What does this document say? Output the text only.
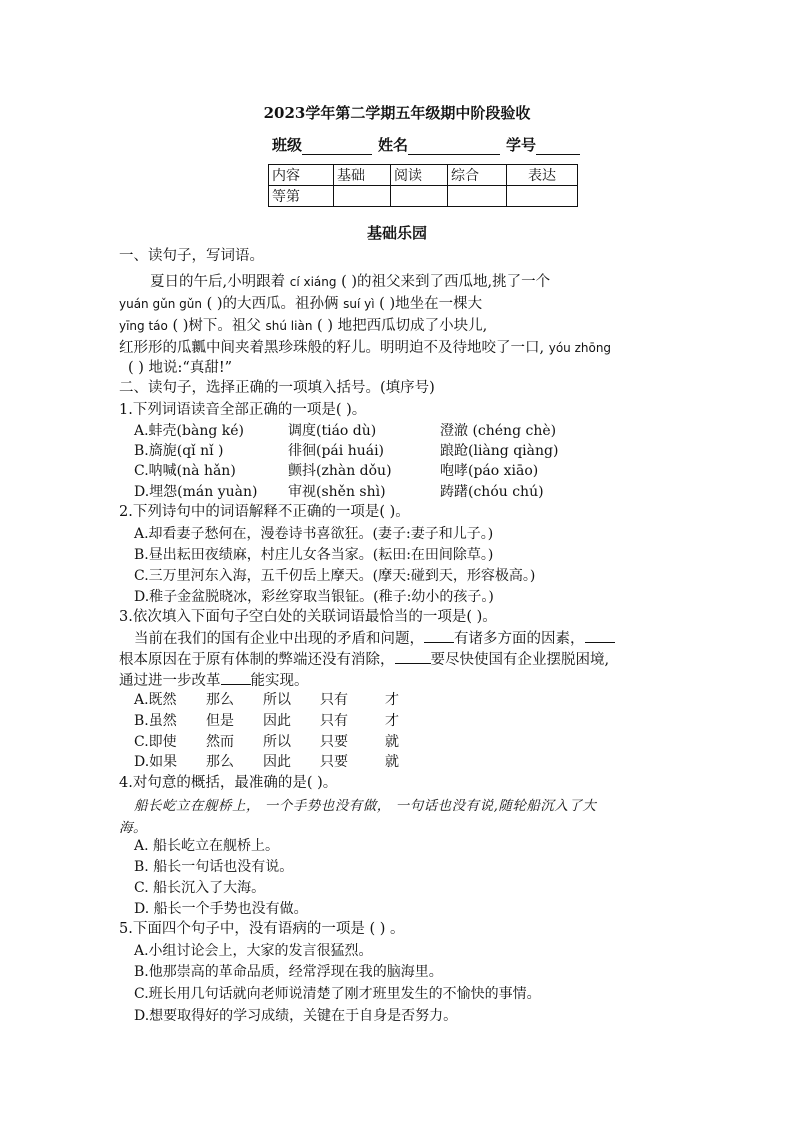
2023学年第二学期五年级期中阶段验收
班级	姓名	学号
内容	基础	阅读	综合	表达
等第				
基础乐园
一、读句子，写词语。
夏日的午后,小明跟着 cí xiáng ( )的祖父来到了西瓜地,挑了一个
yuán gǔn gǔn ( )的大西瓜。祖孙俩 suí yì ( )地坐在一棵大
yīng táo ( )树下。祖父 shú liàn ( ) 地把西瓜切成了小块儿,
红形形的瓜瓤中间夹着黑珍珠般的籽儿。明明迫不及待地咬了一口, yóu zhōng
( ) 地说:“真甜!”
二、读句子，选择正确的一项填入括号。(填序号)
1.下列词语读音全部正确的一项是( )。
A.蚌壳(bàng ké)	调度(tiáo dù)	澄澈 (chéng chè)
B.旖旎(qǐ nǐ )	徘徊(pái huái)	踉跄(liàng qiàng)
C.呐喊(nà hǎn)	颤抖(zhàn dǒu)	咆哮(páo xiāo)
D.埋怨(mán yuàn) 审视(shěn shì)	踌躇(chóu chú)
2.下列诗句中的词语解释不正确的一项是( )。
A.却看妻子愁何在，漫卷诗书喜欲狂。(妻子:妻子和儿子。)
B.昼出耘田夜绩麻，村庄儿女各当家。(耘田:在田间除草。)
C.三万里河东入海，五千仞岳上摩天。(摩天:碰到天，形容极高。)
D.稚子金盆脱晓冰，彩丝穿取当银钲。(稚子:幼小的孩子。)
3.依次填入下面句子空白处的关联词语最恰当的一项是( )。
当前在我们的国有企业中出现的矛盾和问题， 有诸多方面的因素，
根本原因在于原有体制的弊端还没有消除， 要尽快使国有企业摆脱困境,
通过进一步改革 能实现。
A.既然 那么 所以 只有	才
B.虽然 但是 因此 只有	才
C.即使 然而 所以 只要	就
D.如果 那么 因此 只要	就
4.对句意的概括，最准确的是( )。
船长屹立在舰桥上， 一个手势也没有做， 一句话也没有说,随轮船沉入了大
海。
A. 船长屹立在舰桥上。
B. 船长一句话也没有说。
C. 船长沉入了大海。
D. 船长一个手势也没有做。
5.下面四个句子中，没有语病的一项是 ( ) 。
A.小组讨论会上，大家的发言很猛烈。
B.他那崇高的革命品质，经常浮现在我的脑海里。
C.班长用几句话就向老师说清楚了刚才班里发生的不愉快的事情。
D.想要取得好的学习成绩，关键在于自身是否努力。
